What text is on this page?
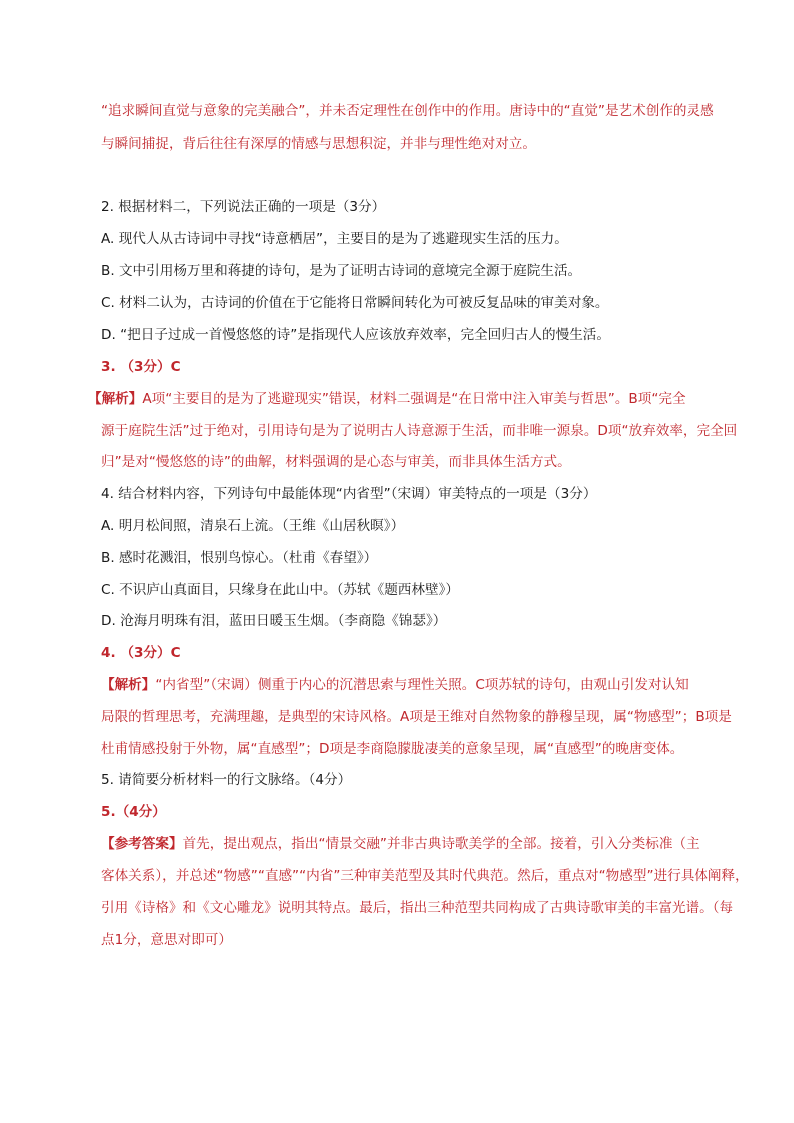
“追求瞬间直觉与意象的完美融合”，并未否定理性在创作中的作用。唐诗中的“直觉”是艺术创作的灵感
与瞬间捕捉，背后往往有深厚的情感与思想积淀，并非与理性绝对对立。
2. 根据材料二，下列说法正确的一项是（3分）
A. 现代人从古诗词中寻找“诗意栖居”，主要目的是为了逃避现实生活的压力。
B. 文中引用杨万里和蒋捷的诗句，是为了证明古诗词的意境完全源于庭院生活。
C. 材料二认为，古诗词的价值在于它能将日常瞬间转化为可被反复品味的审美对象。
D. “把日子过成一首慢悠悠的诗”是指现代人应该放弃效率，完全回归古人的慢生活。
3. （3分）C
【解析】A项“主要目的是为了逃避现实”错误，材料二强调是“在日常中注入审美与哲思”。B项“完全
源于庭院生活”过于绝对，引用诗句是为了说明古人诗意源于生活，而非唯一源泉。D项“放弃效率，完全回
归”是对“慢悠悠的诗”的曲解，材料强调的是心态与审美，而非具体生活方式。
4. 结合材料内容，下列诗句中最能体现“内省型”（宋调）审美特点的一项是（3分）
A. 明月松间照，清泉石上流。（王维《山居秋暝》）
B. 感时花溅泪，恨别鸟惊心。（杜甫《春望》）
C. 不识庐山真面目，只缘身在此山中。（苏轼《题西林壁》）
D. 沧海月明珠有泪，蓝田日暖玉生烟。（李商隐《锦瑟》）
4. （3分）C
【解析】“内省型”（宋调）侧重于内心的沉潜思索与理性关照。C项苏轼的诗句，由观山引发对认知
局限的哲理思考，充满理趣，是典型的宋诗风格。A项是王维对自然物象的静穆呈现，属“物感型”；B项是
杜甫情感投射于外物，属“直感型”；D项是李商隐朦胧凄美的意象呈现，属“直感型”的晚唐变体。
5. 请简要分析材料一的行文脉络。（4分）
5.（4分）
【参考答案】首先，提出观点，指出“情景交融”并非古典诗歌美学的全部。接着，引入分类标准（主
客体关系），并总述“物感”“直感”“内省”三种审美范型及其时代典范。然后，重点对“物感型”进行具体阐释，
引用《诗格》和《文心雕龙》说明其特点。最后，指出三种范型共同构成了古典诗歌审美的丰富光谱。（每
点1分，意思对即可）
